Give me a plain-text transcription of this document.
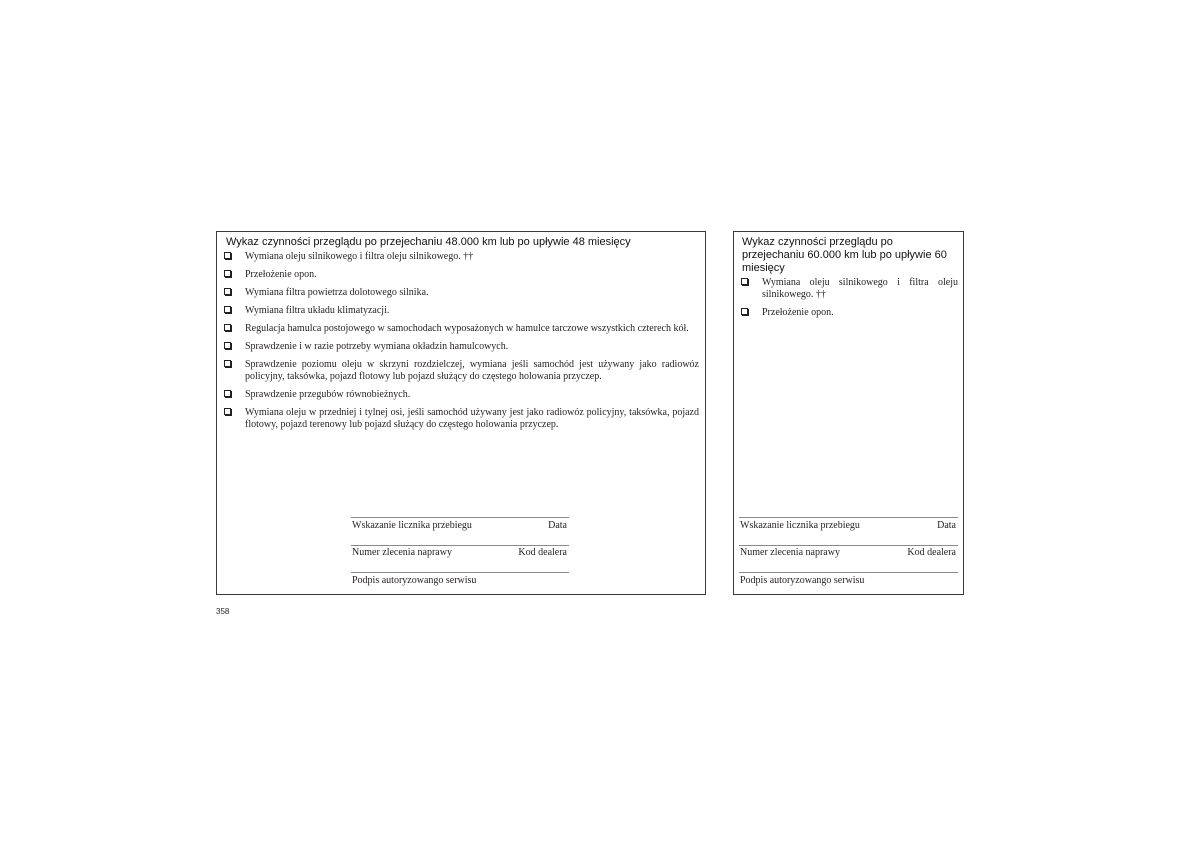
Wykaz czynności przeglądu po przejechaniu 48.000 km lub po upływie 48 miesięcy
Wymiana oleju silnikowego i filtra oleju silnikowego. ††
Przełożenie opon.
Wymiana filtra powietrza dolotowego silnika.
Wymiana filtra układu klimatyzacji.
Regulacja hamulca postojowego w samochodach wyposażonych w hamulce tarczowe wszystkich czterech kół.
Sprawdzenie i w razie potrzeby wymiana okładzin hamulcowych.
Sprawdzenie poziomu oleju w skrzyni rozdzielczej, wymiana jeśli samochód jest używany jako radiowóz policyjny, taksówka, pojazd flotowy lub pojazd służący do częstego holowania przyczep.
Sprawdzenie przegubów równobieżnych.
Wymiana oleju w przedniej i tylnej osi, jeśli samochód używany jest jako radiowóz policyjny, taksówka, pojazd flotowy, pojazd terenowy lub pojazd służący do częstego holowania przyczep.
Wskazanie licznika przebiegu	Data
Numer zlecenia naprawy	Kod dealera
Podpis autoryzowango serwisu
Wykaz czynności przeglądu po przejechaniu 60.000 km lub po upływie 60 miesięcy
Wymiana oleju silnikowego i filtra oleju silnikowego. ††
Przełożenie opon.
Wskazanie licznika przebiegu	Data
Numer zlecenia naprawy	Kod dealera
Podpis autoryzowango serwisu
358
